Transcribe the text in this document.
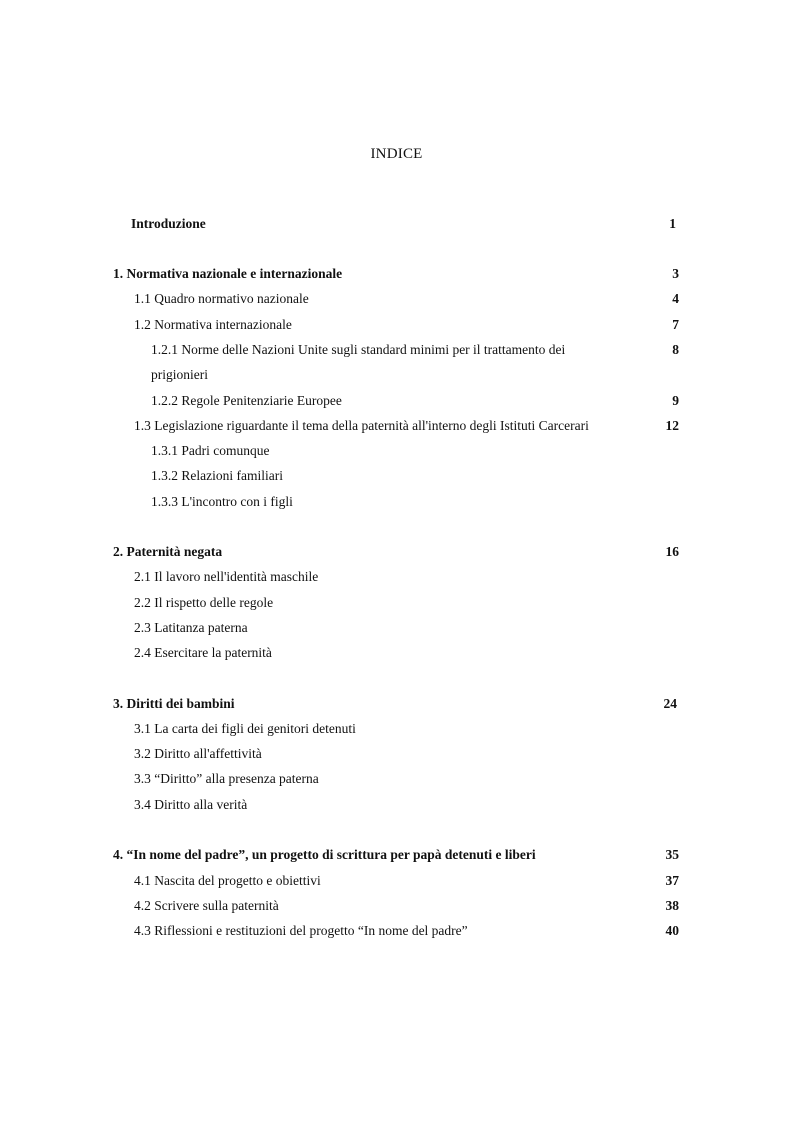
INDICE
Introduzione	1
1. Normativa nazionale e internazionale	3
1.1 Quadro normativo nazionale	4
1.2 Normativa internazionale	7
1.2.1 Norme delle Nazioni Unite sugli standard minimi per il trattamento dei	8
prigionieri
1.2.2 Regole Penitenziarie Europee	9
1.3 Legislazione riguardante il tema della paternità all'interno degli Istituti Carcerari	12
1.3.1 Padri comunque
1.3.2 Relazioni familiari
1.3.3 L'incontro con i figli
2. Paternità negata	16
2.1 Il lavoro nell'identità maschile
2.2 Il rispetto delle regole
2.3 Latitanza paterna
2.4 Esercitare la paternità
3. Diritti dei bambini	24
3.1 La carta dei figli dei genitori detenuti
3.2 Diritto all'affettività
3.3 “Diritto” alla presenza paterna
3.4 Diritto alla verità
4. “In nome del padre”, un progetto di scrittura per papà detenuti e liberi	35
4.1 Nascita del progetto e obiettivi	37
4.2 Scrivere sulla paternità	38
4.3 Riflessioni e restituzioni del progetto “In nome del padre”	40
